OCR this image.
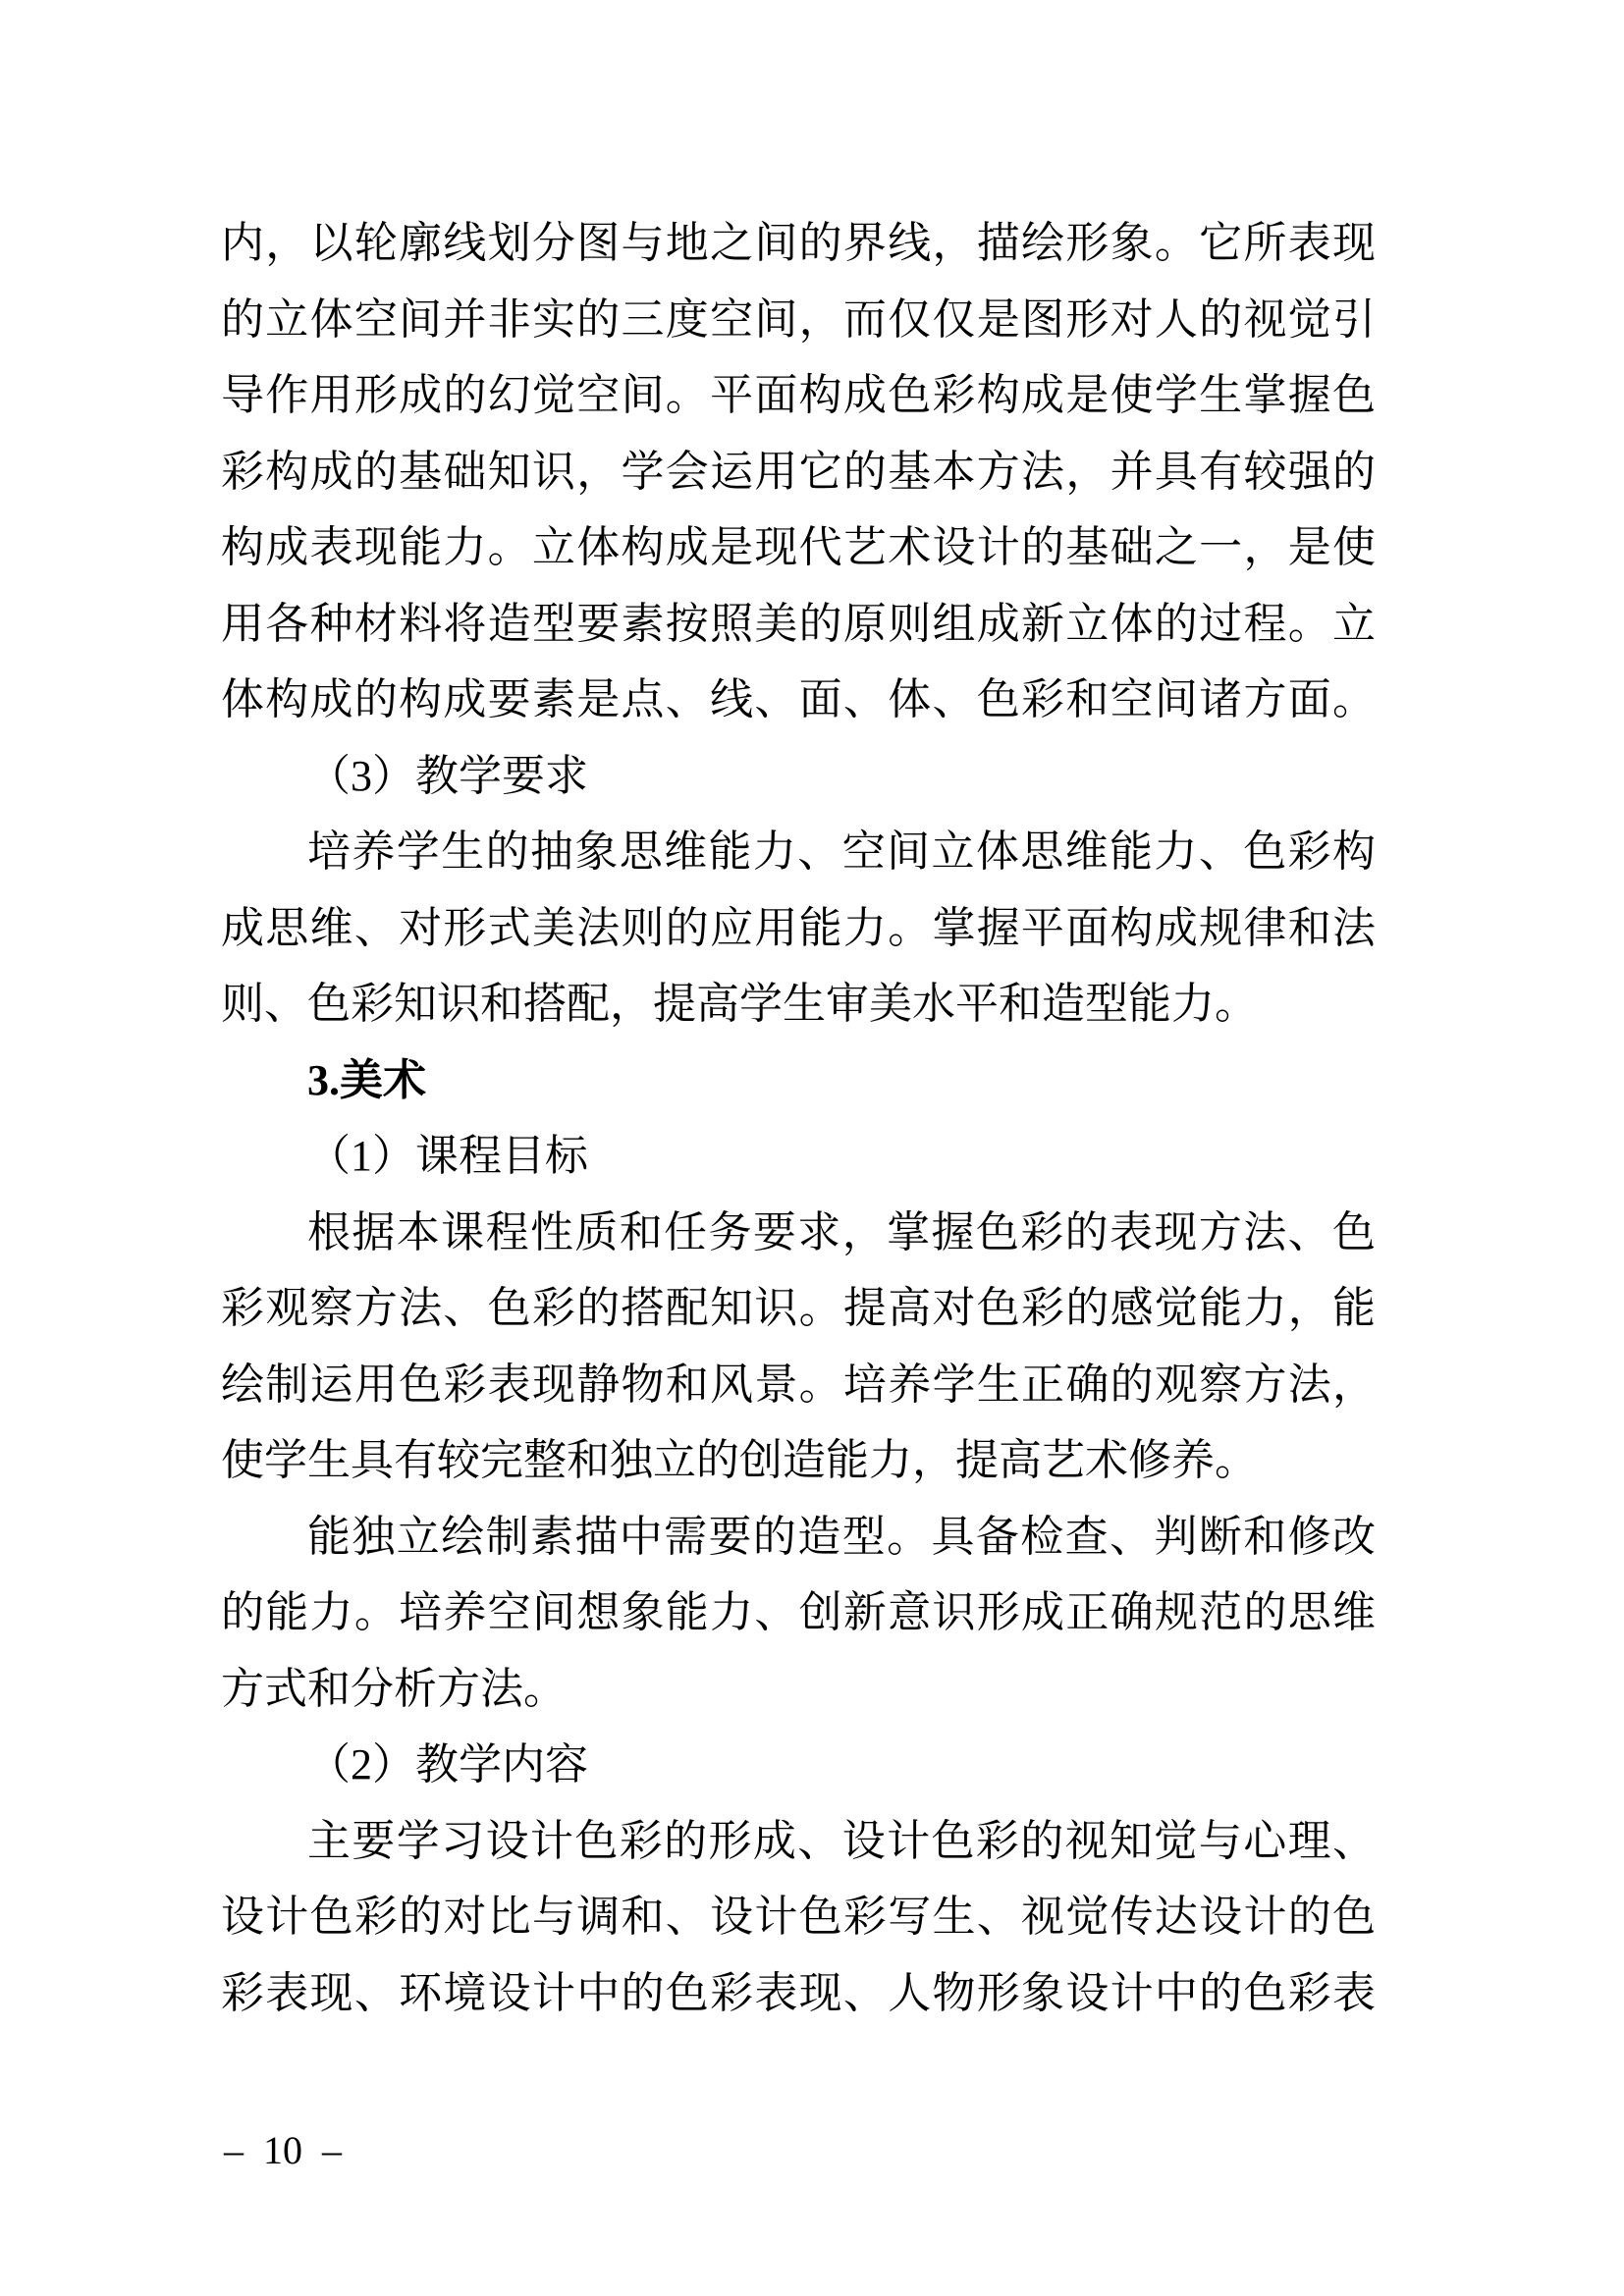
内，以轮廓线划分图与地之间的界线，描绘形象。它所表现
的立体空间并非实的三度空间，而仅仅是图形对人的视觉引
导作用形成的幻觉空间。平面构成色彩构成是使学生掌握色
彩构成的基础知识，学会运用它的基本方法，并具有较强的
构成表现能力。立体构成是现代艺术设计的基础之一，是使
用各种材料将造型要素按照美的原则组成新立体的过程。立
体构成的构成要素是点、线、面、体、色彩和空间诸方面。
（3）教学要求
培养学生的抽象思维能力、空间立体思维能力、色彩构
成思维、对形式美法则的应用能力。掌握平面构成规律和法
则、色彩知识和搭配，提高学生审美水平和造型能力。
3.美术
（1）课程目标
根据本课程性质和任务要求，掌握色彩的表现方法、色
彩观察方法、色彩的搭配知识。提高对色彩的感觉能力，能
绘制运用色彩表现静物和风景。培养学生正确的观察方法，
使学生具有较完整和独立的创造能力，提高艺术修养。
能独立绘制素描中需要的造型。具备检查、判断和修改
的能力。培养空间想象能力、创新意识形成正确规范的思维
方式和分析方法。
（2）教学内容
主要学习设计色彩的形成、设计色彩的视知觉与心理、
设计色彩的对比与调和、设计色彩写生、视觉传达设计的色
彩表现、环境设计中的色彩表现、人物形象设计中的色彩表
– 10 –
